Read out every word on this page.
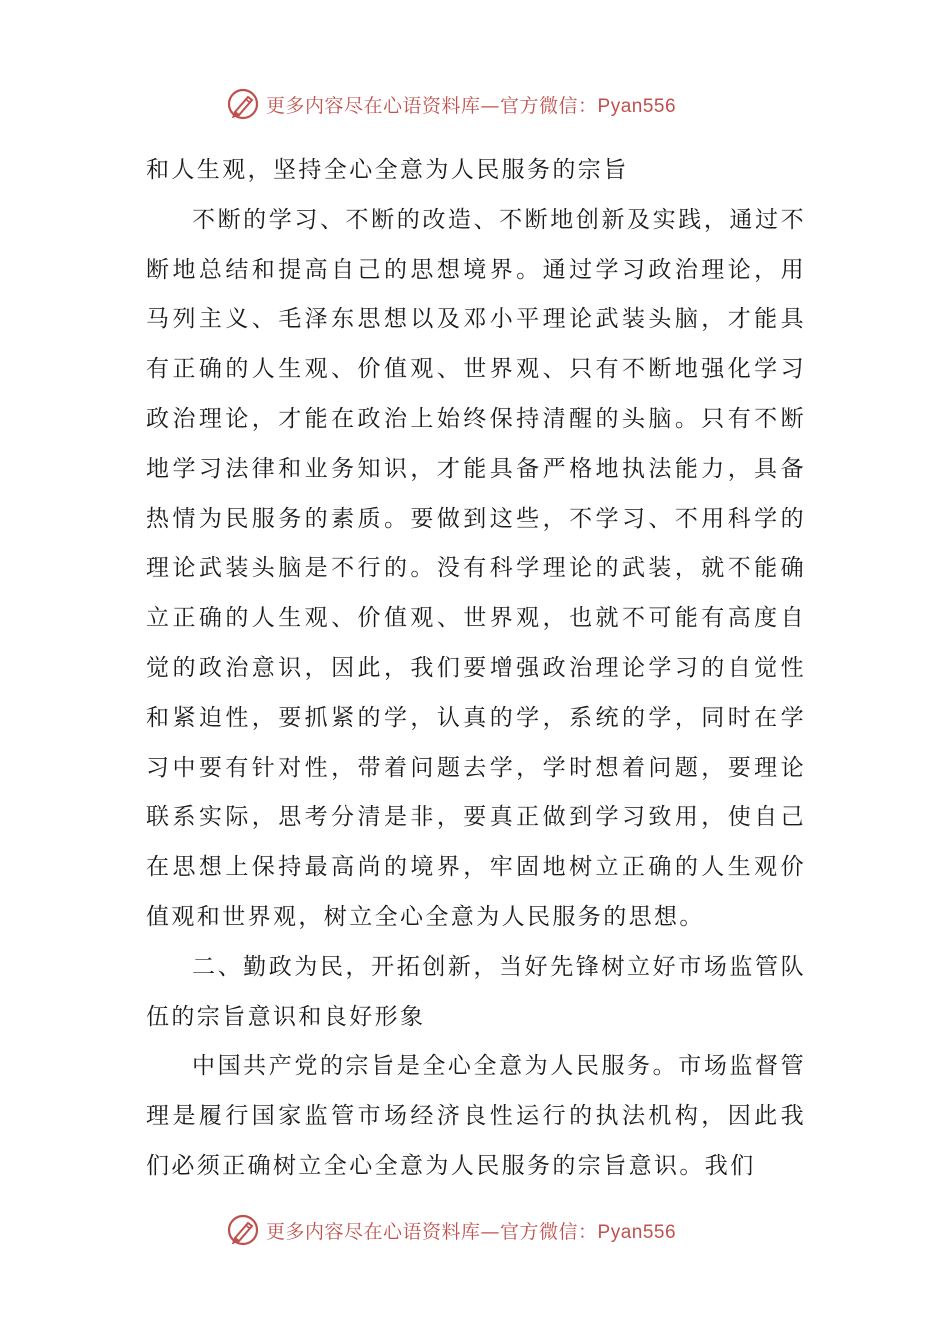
更多内容尽在心语资料库—官方微信：Pyan556

和人生观，坚持全心全意为人民服务的宗旨

不断的学习、不断的改造、不断地创新及实践，通过不断地总结和提高自己的思想境界。通过学习政治理论，用马列主义、毛泽东思想以及邓小平理论武装头脑，才能具有正确的人生观、价值观、世界观、只有不断地强化学习政治理论，才能在政治上始终保持清醒的头脑。只有不断地学习法律和业务知识，才能具备严格地执法能力，具备热情为民服务的素质。要做到这些，不学习、不用科学的理论武装头脑是不行的。没有科学理论的武装，就不能确立正确的人生观、价值观、世界观，也就不可能有高度自觉的政治意识，因此，我们要增强政治理论学习的自觉性和紧迫性，要抓紧的学，认真的学，系统的学，同时在学习中要有针对性，带着问题去学，学时想着问题，要理论联系实际，思考分清是非，要真正做到学习致用，使自己在思想上保持最高尚的境界，牢固地树立正确的人生观价值观和世界观，树立全心全意为人民服务的思想。

二、勤政为民，开拓创新，当好先锋树立好市场监管队伍的宗旨意识和良好形象

中国共产党的宗旨是全心全意为人民服务。市场监督管理是履行国家监管市场经济良性运行的执法机构，因此我们必须正确树立全心全意为人民服务的宗旨意识。我们

更多内容尽在心语资料库—官方微信：Pyan556
